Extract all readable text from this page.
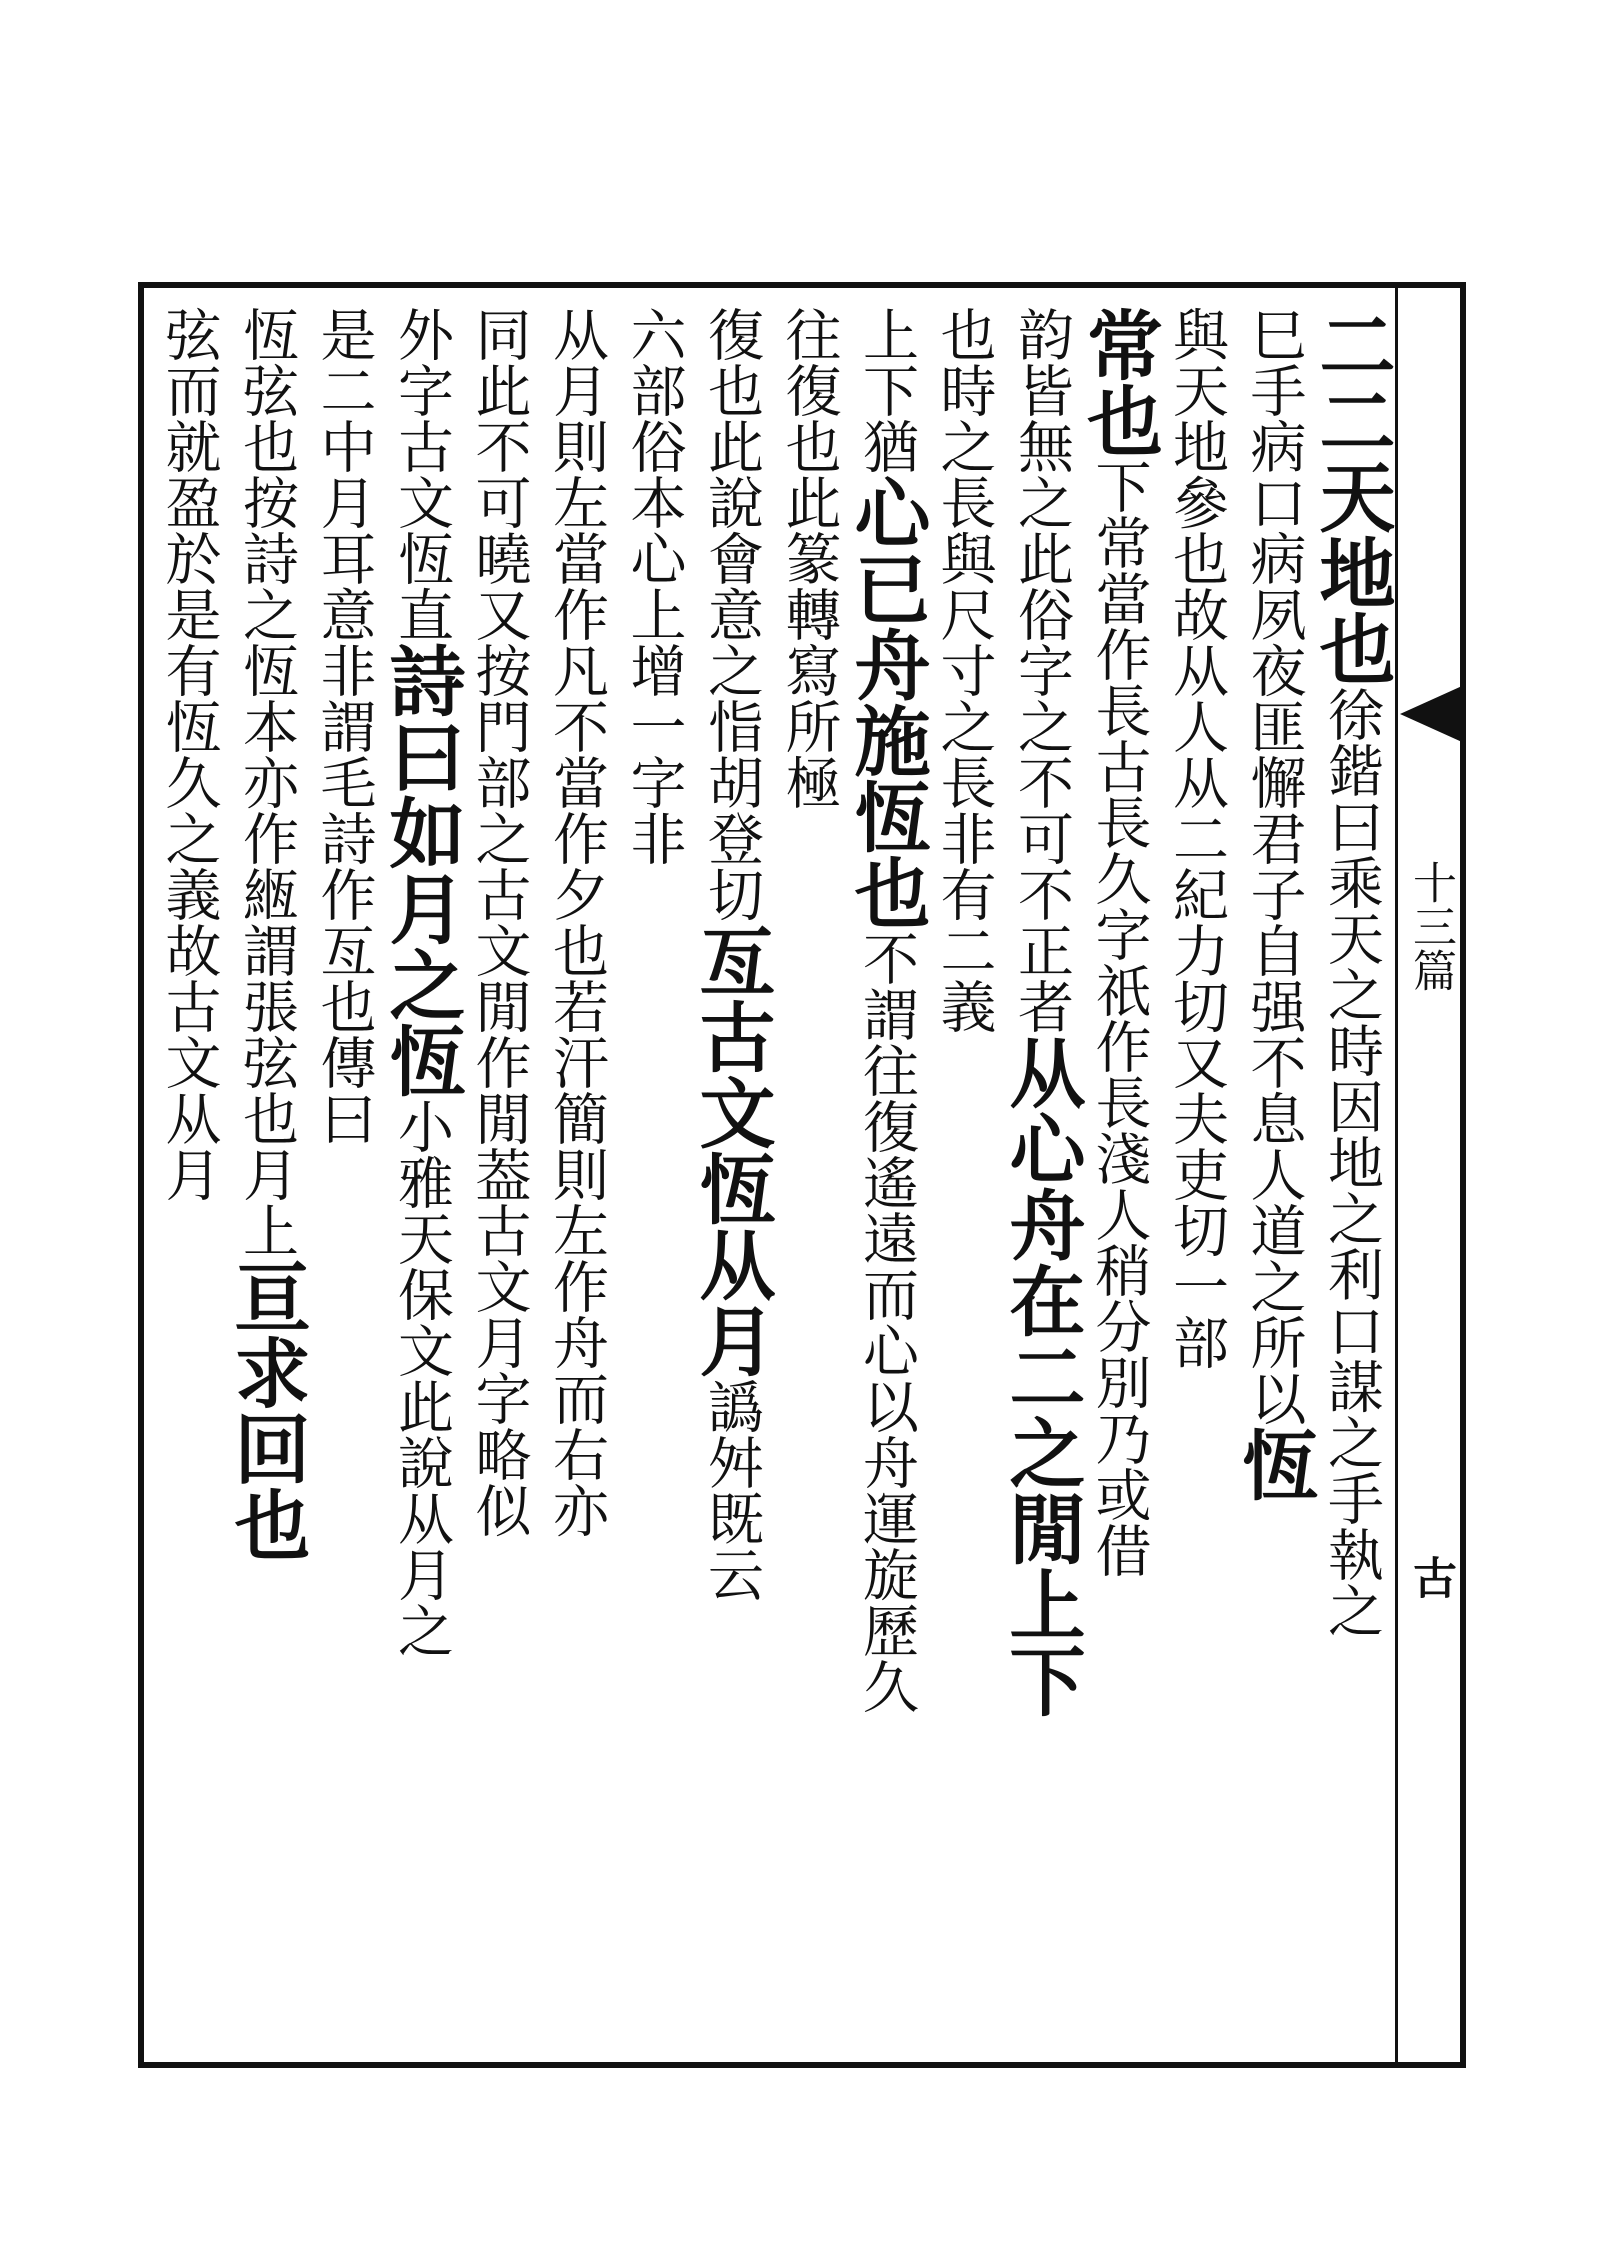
十三篇
古
二二天地也徐鍇曰乘天之時因地之利口謀之手執之
巳手病口病夙夜匪懈君子自强不息人道之所以恆
與天地參也故从人从二紀力切又夫吏切一部
常也下常當作長古長久字祇作長淺人稍分別乃或借
韵皆無之此俗字之不可不正者从心舟在二之閒上下
也時之長與尺寸之長非有二義
上下猶心已舟施恆也不謂往復遙遠而心以舟運旋歷久
往復也此篆轉寫所極
復也此說會意之恉胡登切亙古文恆从月譌舛既云
六部俗本心上增一字非
从月則左當作凡不當作夕也若汗簡則左作舟而右亦
同此不可曉又按門部之古文閒作閒葢古文月字略似
外字古文恆直詩曰如月之恆小雅天保文此說从月之
是二中月耳意非謂毛詩作亙也傳曰
恆弦也按詩之恆本亦作緪謂張弦也月上亘求回也
弦而就盈於是有恆久之義故古文从月
